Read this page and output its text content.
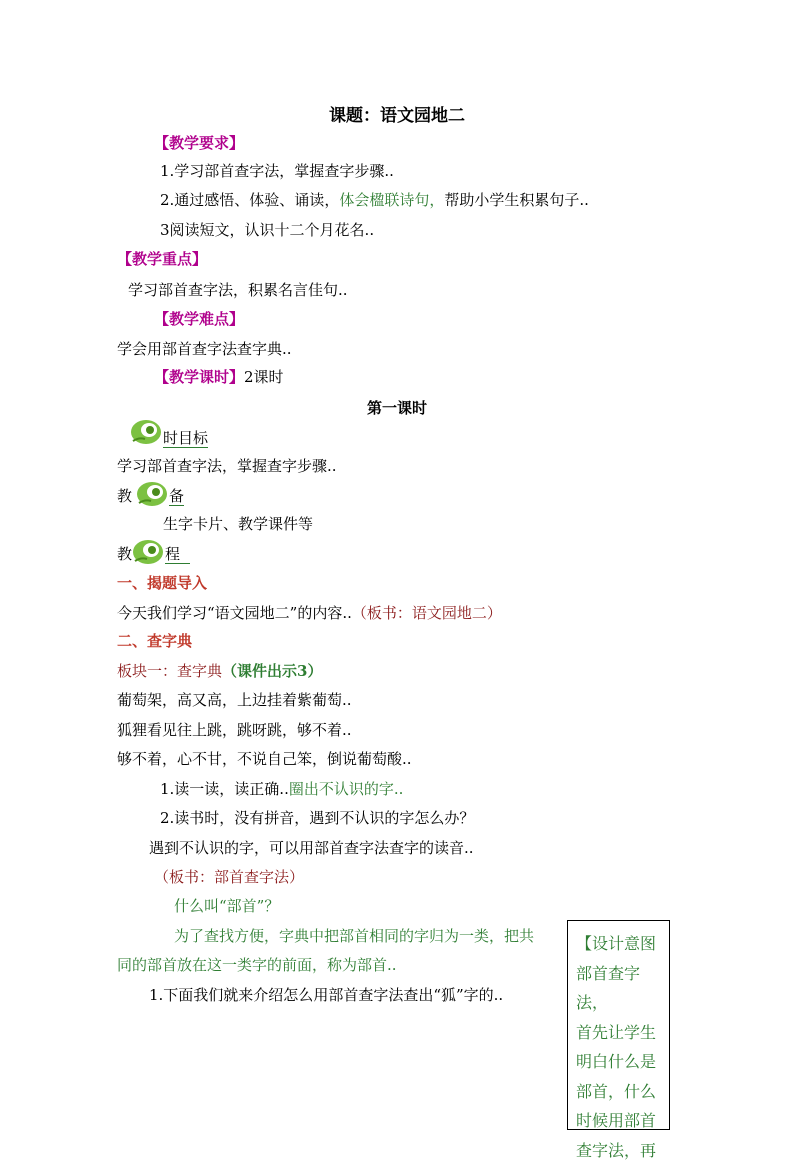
课题：语文园地二
【教学要求】
1.学习部首查字法，掌握查字步骤..
2.通过感悟、体验、诵读，体会楹联诗句，帮助小学生积累句子..
3阅读短文，认识十二个月花名..
【教学重点】
学习部首查字法，积累名言佳句..
【教学难点】
学会用部首查字法查字典..
【教学课时】2课时
第一课时
时目标
学习部首查字法，掌握查字步骤..
教 备
生字卡片、教学课件等
教 程
一、揭题导入
今天我们学习“语文园地二”的内容..（板书：语文园地二）
二、查字典
板块一：查字典（课件出示3）
葡萄架，高又高，上边挂着紫葡萄..
狐狸看见往上跳，跳呀跳，够不着..
够不着，心不甘，不说自己笨，倒说葡萄酸..
1.读一读，读正确..圈出不认识的字..
2.读书时，没有拼音，遇到不认识的字怎么办？
遇到不认识的字，可以用部首查字法查字的读音..
（板书：部首查字法）
什么叫“部首”？
为了查找方便，字典中把部首相同的字归为一类，把共
同的部首放在这一类字的前面，称为部首..
1.下面我们就来介绍怎么用部首查字法查出“狐”字的..
【设计意图
部首查字法，
首先让学生
明白什么是
部首，什么
时候用部首
查字法，再
